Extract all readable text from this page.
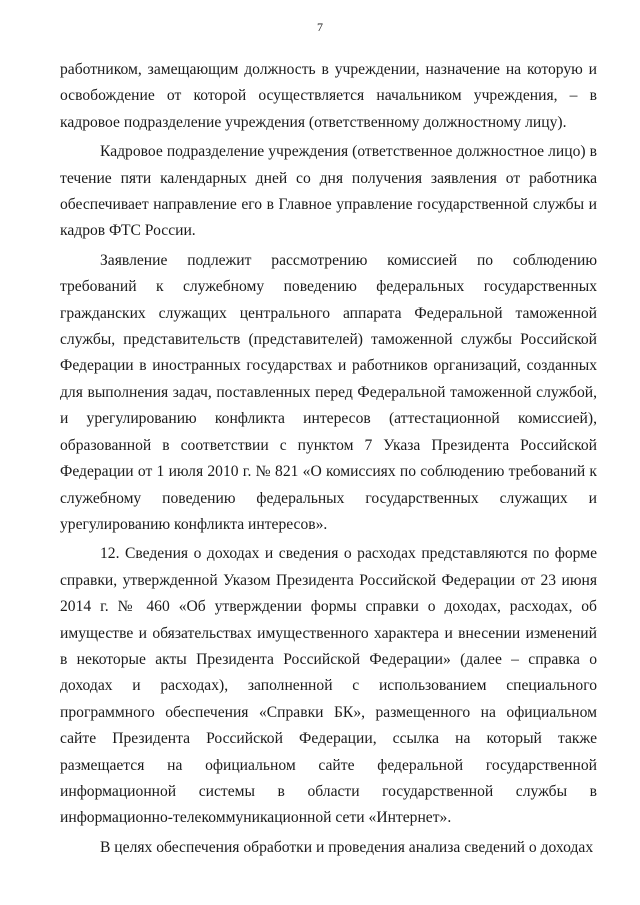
7

работником, замещающим должность в учреждении, назначение на которую и освобождение от которой осуществляется начальником учреждения, – в кадровое подразделение учреждения (ответственному должностному лицу).

Кадровое подразделение учреждения (ответственное должностное лицо) в течение пяти календарных дней со дня получения заявления от работника обеспечивает направление его в Главное управление государственной службы и кадров ФТС России.

Заявление подлежит рассмотрению комиссией по соблюдению требований к служебному поведению федеральных государственных гражданских служащих центрального аппарата Федеральной таможенной службы, представительств (представителей) таможенной службы Российской Федерации в иностранных государствах и работников организаций, созданных для выполнения задач, поставленных перед Федеральной таможенной службой, и урегулированию конфликта интересов (аттестационной комиссией), образованной в соответствии с пунктом 7 Указа Президента Российской Федерации от 1 июля 2010 г. № 821 «О комиссиях по соблюдению требований к служебному поведению федеральных государственных служащих и урегулированию конфликта интересов».

12. Сведения о доходах и сведения о расходах представляются по форме справки, утвержденной Указом Президента Российской Федерации от 23 июня 2014 г. № 460 «Об утверждении формы справки о доходах, расходах, об имуществе и обязательствах имущественного характера и внесении изменений в некоторые акты Президента Российской Федерации» (далее – справка о доходах и расходах), заполненной с использованием специального программного обеспечения «Справки БК», размещенного на официальном сайте Президента Российской Федерации, ссылка на который также размещается на официальном сайте федеральной государственной информационной системы в области государственной службы в информационно-телекоммуникационной сети «Интернет».

В целях обеспечения обработки и проведения анализа сведений о доходах
